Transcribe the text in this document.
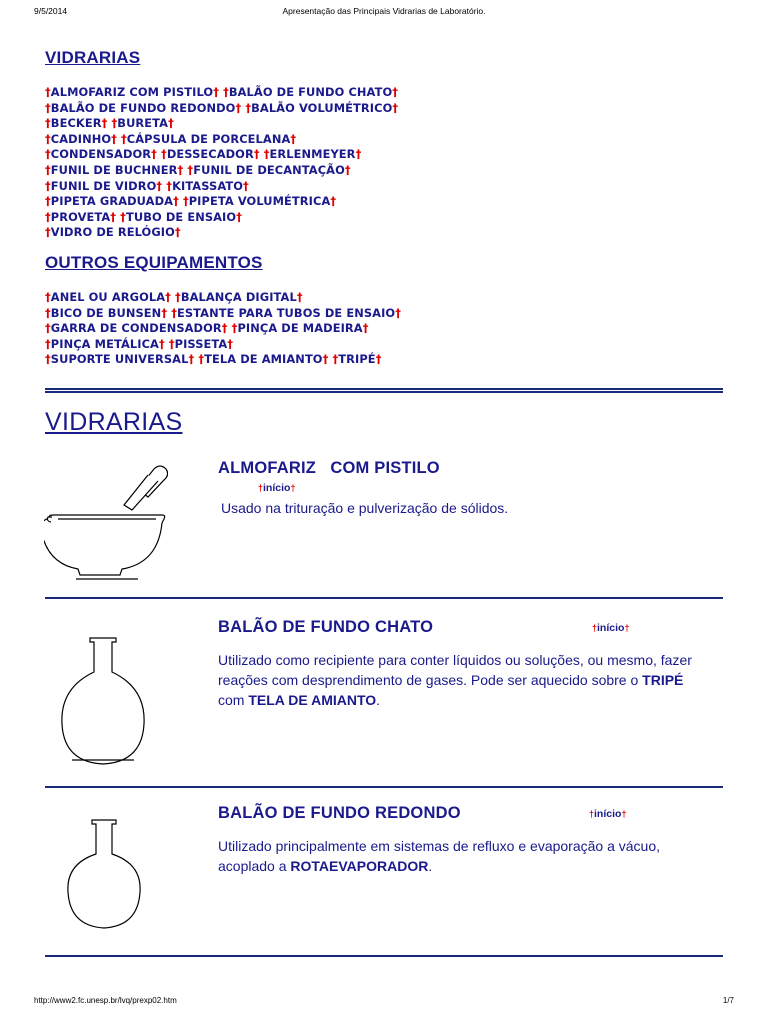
9/5/2014	Apresentação das Principais Vidrarias de Laboratório.
VIDRARIAS
†ALMOFARIZ COM PISTILO† †BALÃO DE FUNDO CHATO†
†BALÃO DE FUNDO REDONDO† †BALÃO VOLUMÉTRICO†
†BECKER† †BURETA†
†CADINHO† †CÁPSULA DE PORCELANA†
†CONDENSADOR† †DESSECADOR† †ERLENMEYER†
†FUNIL DE BUCHNER† †FUNIL DE DECANTAÇÃO†
†FUNIL DE VIDRO† †KITASSATO†
†PIPETA GRADUADA† †PIPETA VOLUMÉTRICA†
†PROVETA† †TUBO DE ENSAIO†
†VIDRO DE RELÓGIO†
OUTROS EQUIPAMENTOS
†ANEL OU ARGOLA† †BALANÇA DIGITAL†
†BICO DE BUNSEN† †ESTANTE PARA TUBOS DE ENSAIO†
†GARRA DE CONDENSADOR† †PINÇA DE MADEIRA†
†PINÇA METÁLICA† †PISSETA†
†SUPORTE UNIVERSAL† †TELA DE AMIANTO† †TRIPÉ†
VIDRARIAS
ALMOFARIZ   COM PISTILO
†início†
Usado na trituração e pulverização de sólidos.
BALÃO DE FUNDO CHATO	†início†
Utilizado como recipiente para conter líquidos ou soluções, ou mesmo, fazer reações com desprendimento de gases. Pode ser aquecido sobre o TRIPÉ com TELA DE AMIANTO.
BALÃO DE FUNDO REDONDO	†início†
Utilizado principalmente em sistemas de refluxo e evaporação a vácuo, acoplado a ROTAEVAPORADOR.
http://www2.fc.unesp.br/lvq/prexp02.htm	1/7
